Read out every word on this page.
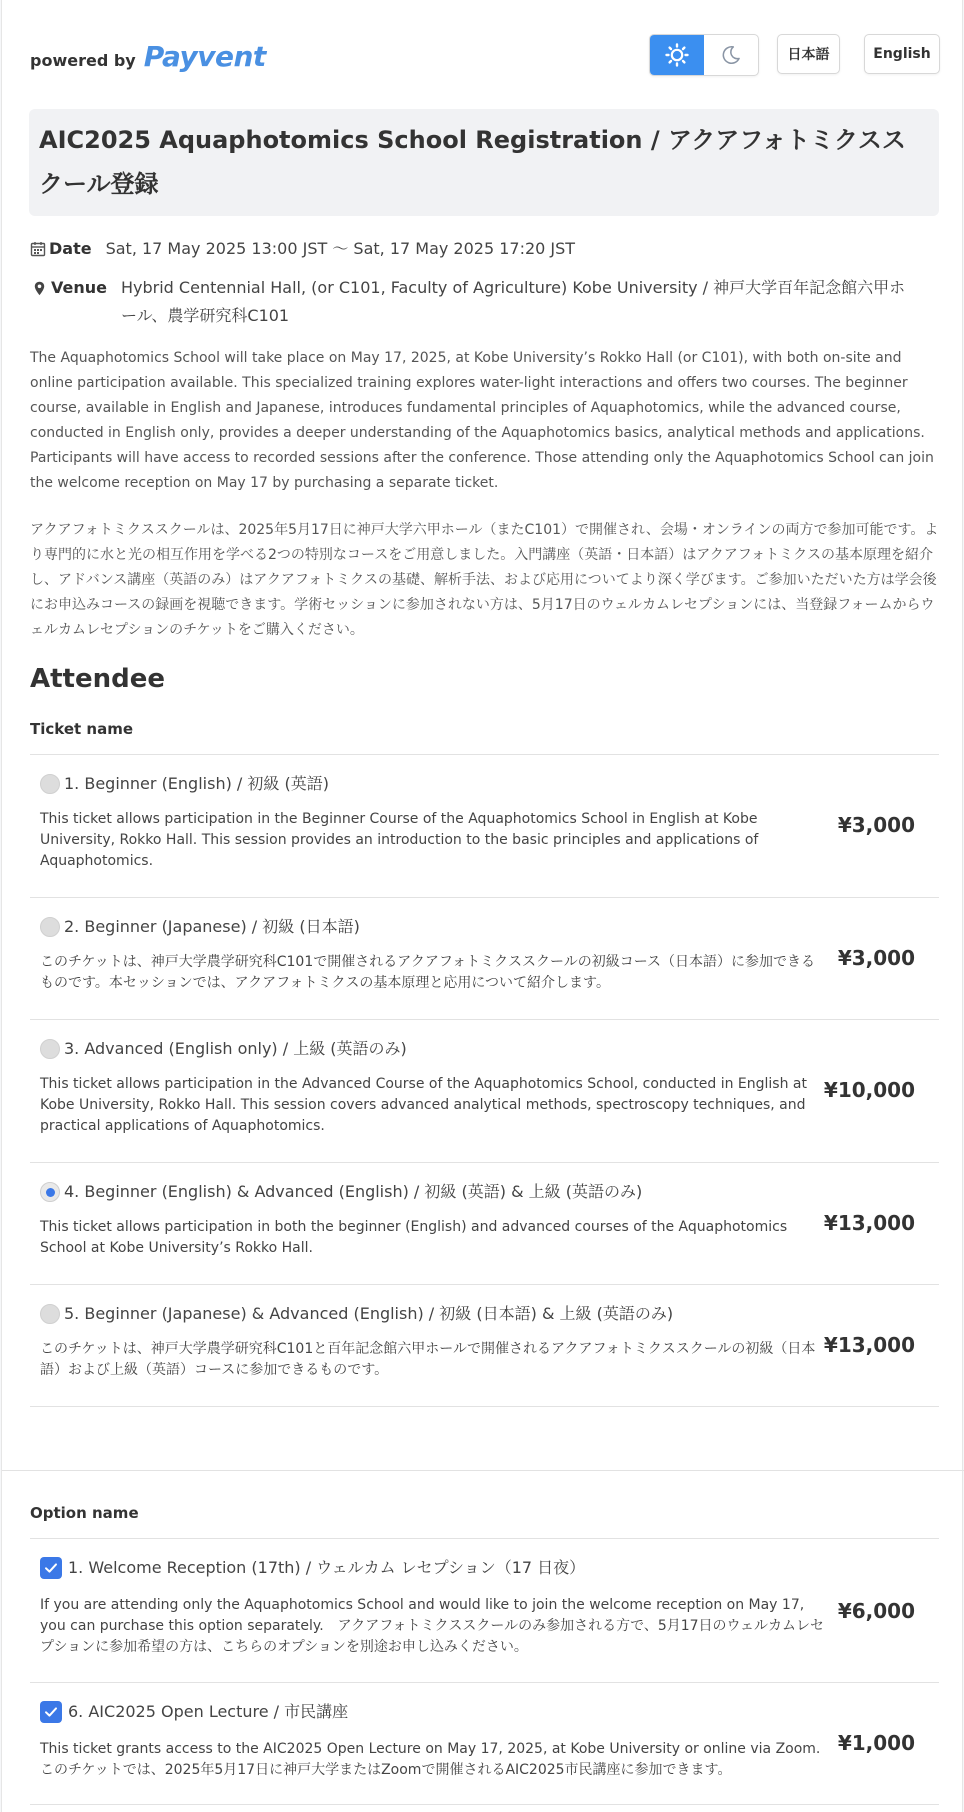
powered by Payvent	日本語	English
AIC2025 Aquaphotomics School Registration / アクアフォトミクススクール登録
Date Sat, 17 May 2025 13:00 JST 〜 Sat, 17 May 2025 17:20 JST
Venue Hybrid Centennial Hall, (or C101, Faculty of Agriculture) Kobe University / 神戸大学百年記念館六甲ホール、農学研究科C101
The Aquaphotomics School will take place on May 17, 2025, at Kobe University’s Rokko Hall (or C101), with both on-site and online participation available. This specialized training explores water-light interactions and offers two courses. The beginner course, available in English and Japanese, introduces fundamental principles of Aquaphotomics, while the advanced course, conducted in English only, provides a deeper understanding of the Aquaphotomics basics, analytical methods and applications. Participants will have access to recorded sessions after the conference. Those attending only the Aquaphotomics School can join the welcome reception on May 17 by purchasing a separate ticket.
アクアフォトミクススクールは、2025年5月17日に神戸大学六甲ホール（またC101）で開催され、会場・オンラインの両方で参加可能です。より専門的に水と光の相互作用を学べる2つの特別なコースをご用意しました。入門講座（英語・日本語）はアクアフォトミクスの基本原理を紹介し、アドバンス講座（英語のみ）はアクアフォトミクスの基礎、解析手法、および応用についてより深く学びます。ご参加いただいた方は学会後にお申込みコースの録画を視聴できます。学術セッションに参加されない方は、5月17日のウェルカムレセプションには、当登録フォームからウェルカムレセプションのチケットをご購入ください。
Attendee
Ticket name
1. Beginner (English) / 初級 (英語)
This ticket allows participation in the Beginner Course of the Aquaphotomics School in English at Kobe University, Rokko Hall. This session provides an introduction to the basic principles and applications of Aquaphotomics.
¥3,000
2. Beginner (Japanese) / 初級 (日本語)
このチケットは、神戸大学農学研究科C101で開催されるアクアフォトミクススクールの初級コース（日本語）に参加できるものです。本セッションでは、アクアフォトミクスの基本原理と応用について紹介します。
¥3,000
3. Advanced (English only) / 上級 (英語のみ)
This ticket allows participation in the Advanced Course of the Aquaphotomics School, conducted in English at Kobe University, Rokko Hall. This session covers advanced analytical methods, spectroscopy techniques, and practical applications of Aquaphotomics.
¥10,000
4. Beginner (English) & Advanced (English) / 初級 (英語) & 上級 (英語のみ)
This ticket allows participation in both the beginner (English) and advanced courses of the Aquaphotomics School at Kobe University’s Rokko Hall.
¥13,000
5. Beginner (Japanese) & Advanced (English) / 初級 (日本語) & 上級 (英語のみ)
このチケットは、神戸大学農学研究科C101と百年記念館六甲ホールで開催されるアクアフォトミクススクールの初級（日本語）および上級（英語）コースに参加できるものです。
¥13,000
Option name
1. Welcome Reception (17th) / ウェルカム レセプション（17 日夜）
If you are attending only the Aquaphotomics School and would like to join the welcome reception on May 17, you can purchase this option separately.　アクアフォトミクススクールのみ参加される方で、5月17日のウェルカムレセプションに参加希望の方は、こちらのオプションを別途お申し込みください。
¥6,000
6. AIC2025 Open Lecture / 市民講座
This ticket grants access to the AIC2025 Open Lecture on May 17, 2025, at Kobe University or online via Zoom. このチケットでは、2025年5月17日に神戸大学またはZoomで開催されるAIC2025市民講座に参加できます。
¥1,000
